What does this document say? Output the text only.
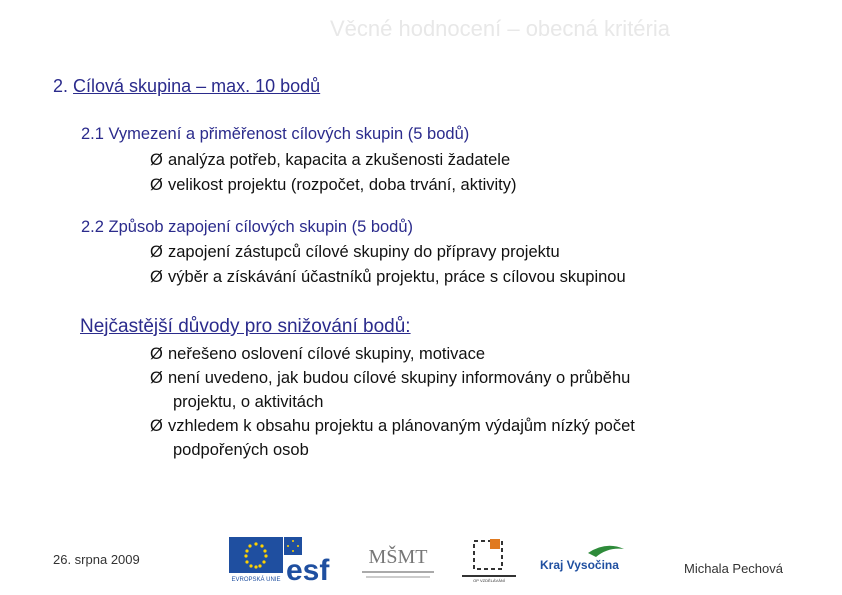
Věcné hodnocení – obecná kritéria
2. Cílová skupina – max. 10 bodů
2.1 Vymezení a přiměřenost cílových skupin (5 bodů)
Ø analýza potřeb, kapacita a zkušenosti žadatele
Ø velikost projektu (rozpočet, doba trvání, aktivity)
2.2 Způsob zapojení cílových skupin (5 bodů)
Ø zapojení zástupců cílové skupiny do přípravy projektu
Ø výběr a získávání účastníků projektu, práce s cílovou skupinou
Nejčastější důvody pro snižování bodů:
Ø neřešeno oslovení cílové skupiny, motivace
Ø není uvedeno, jak budou cílové skupiny informovány o průběhu
projektu, o aktivitách
Ø vzhledem k obsahu projektu a plánovaným výdajům nízký počet
podpořených osob
26. srpna 2009
Michala Pechová
EVROPSKÁ UNIE esf MŠMT
OP VZDĚLÁVÁNÍ
Kraj Vysočina
